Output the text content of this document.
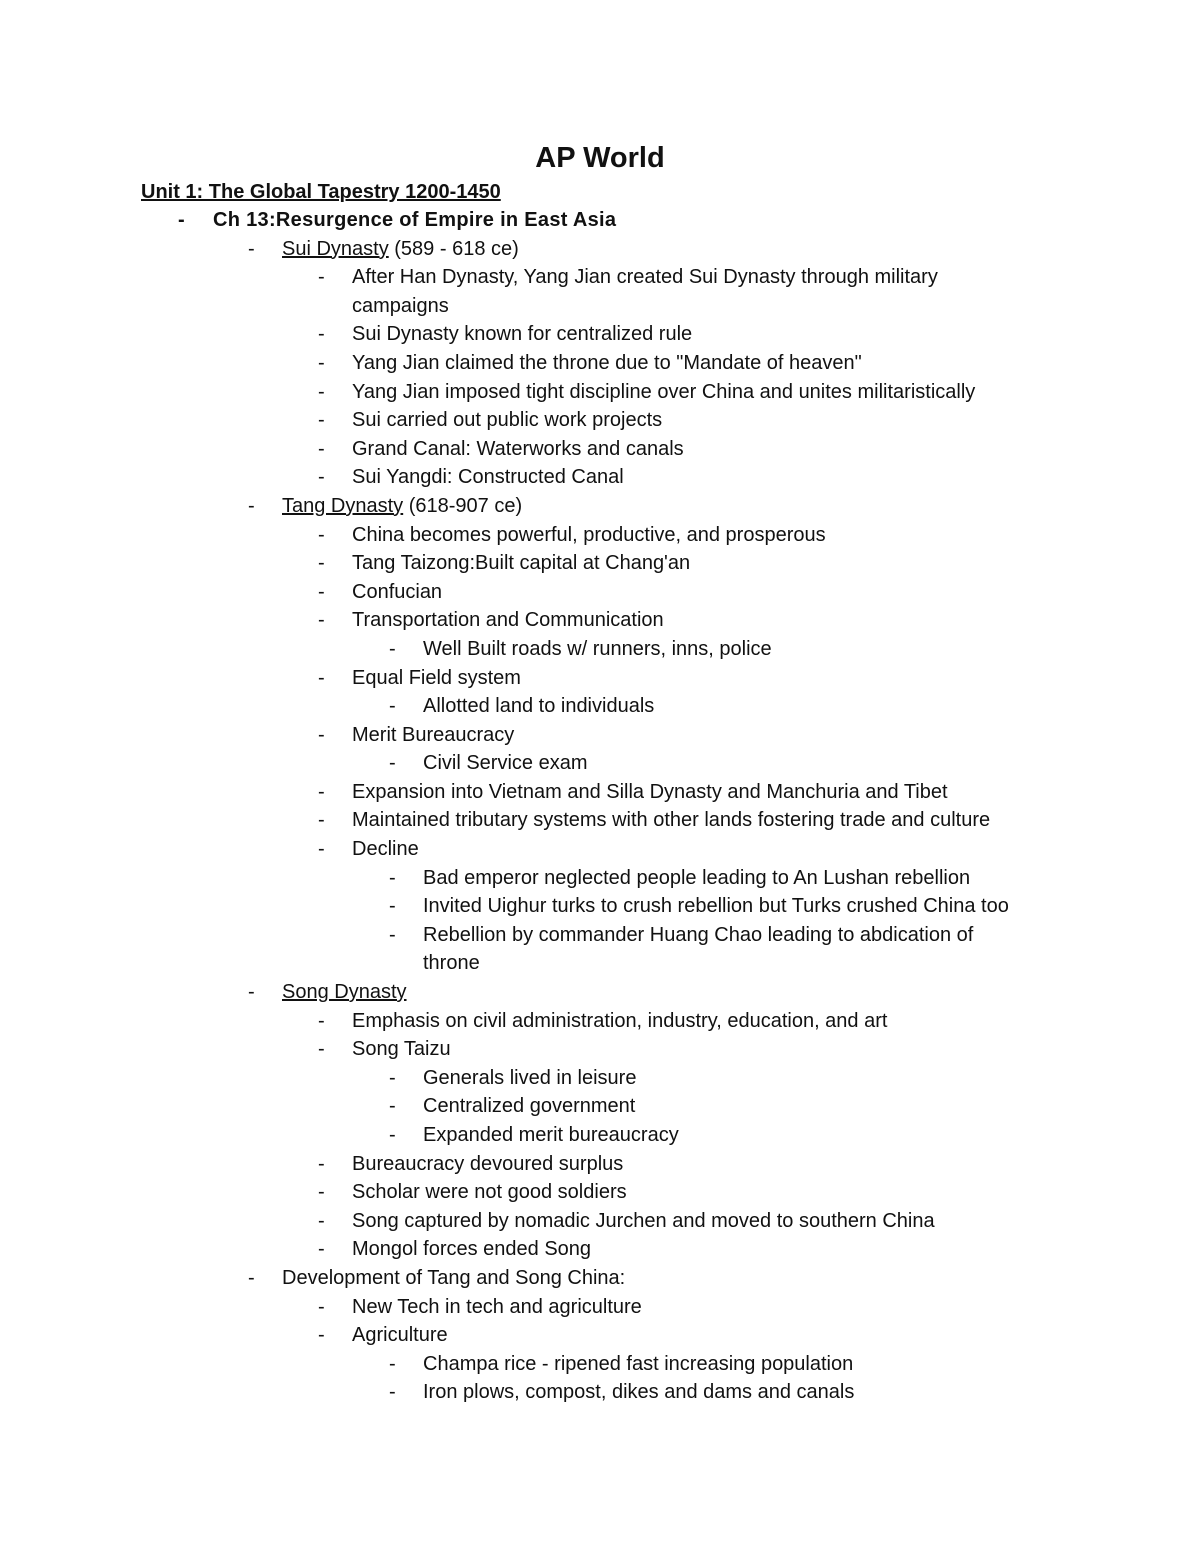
AP World
Unit 1: The Global Tapestry 1200-1450
- Ch 13:Resurgence of Empire in East Asia

- Sui Dynasty (589 - 618 ce)

- After Han Dynasty, Yang Jian created Sui Dynasty through military

campaigns

- Sui Dynasty known for centralized rule

- Yang Jian claimed the throne due to "Mandate of heaven"

- Yang Jian imposed tight discipline over China and unites militaristically

- Sui carried out public work projects

- Grand Canal: Waterworks and canals

- Sui Yangdi: Constructed Canal

- Tang Dynasty (618-907 ce)

- China becomes powerful, productive, and prosperous

- Tang Taizong:Built capital at Chang'an

- Confucian

- Transportation and Communication

- Well Built roads w/ runners, inns, police

- Equal Field system

- Allotted land to individuals

- Merit Bureaucracy

- Civil Service exam

- Expansion into Vietnam and Silla Dynasty and Manchuria and Tibet

- Maintained tributary systems with other lands fostering trade and culture

- Decline

- Bad emperor neglected people leading to An Lushan rebellion

- Invited Uighur turks to crush rebellion but Turks crushed China too

- Rebellion by commander Huang Chao leading to abdication of

throne

- Song Dynasty

- Emphasis on civil administration, industry, education, and art

- Song Taizu

- Generals lived in leisure

- Centralized government

- Expanded merit bureaucracy

- Bureaucracy devoured surplus

- Scholar were not good soldiers

- Song captured by nomadic Jurchen and moved to southern China

- Mongol forces ended Song

- Development of Tang and Song China:

- New Tech in tech and agriculture

- Agriculture

- Champa rice - ripened fast increasing population

- Iron plows, compost, dikes and dams and canals
